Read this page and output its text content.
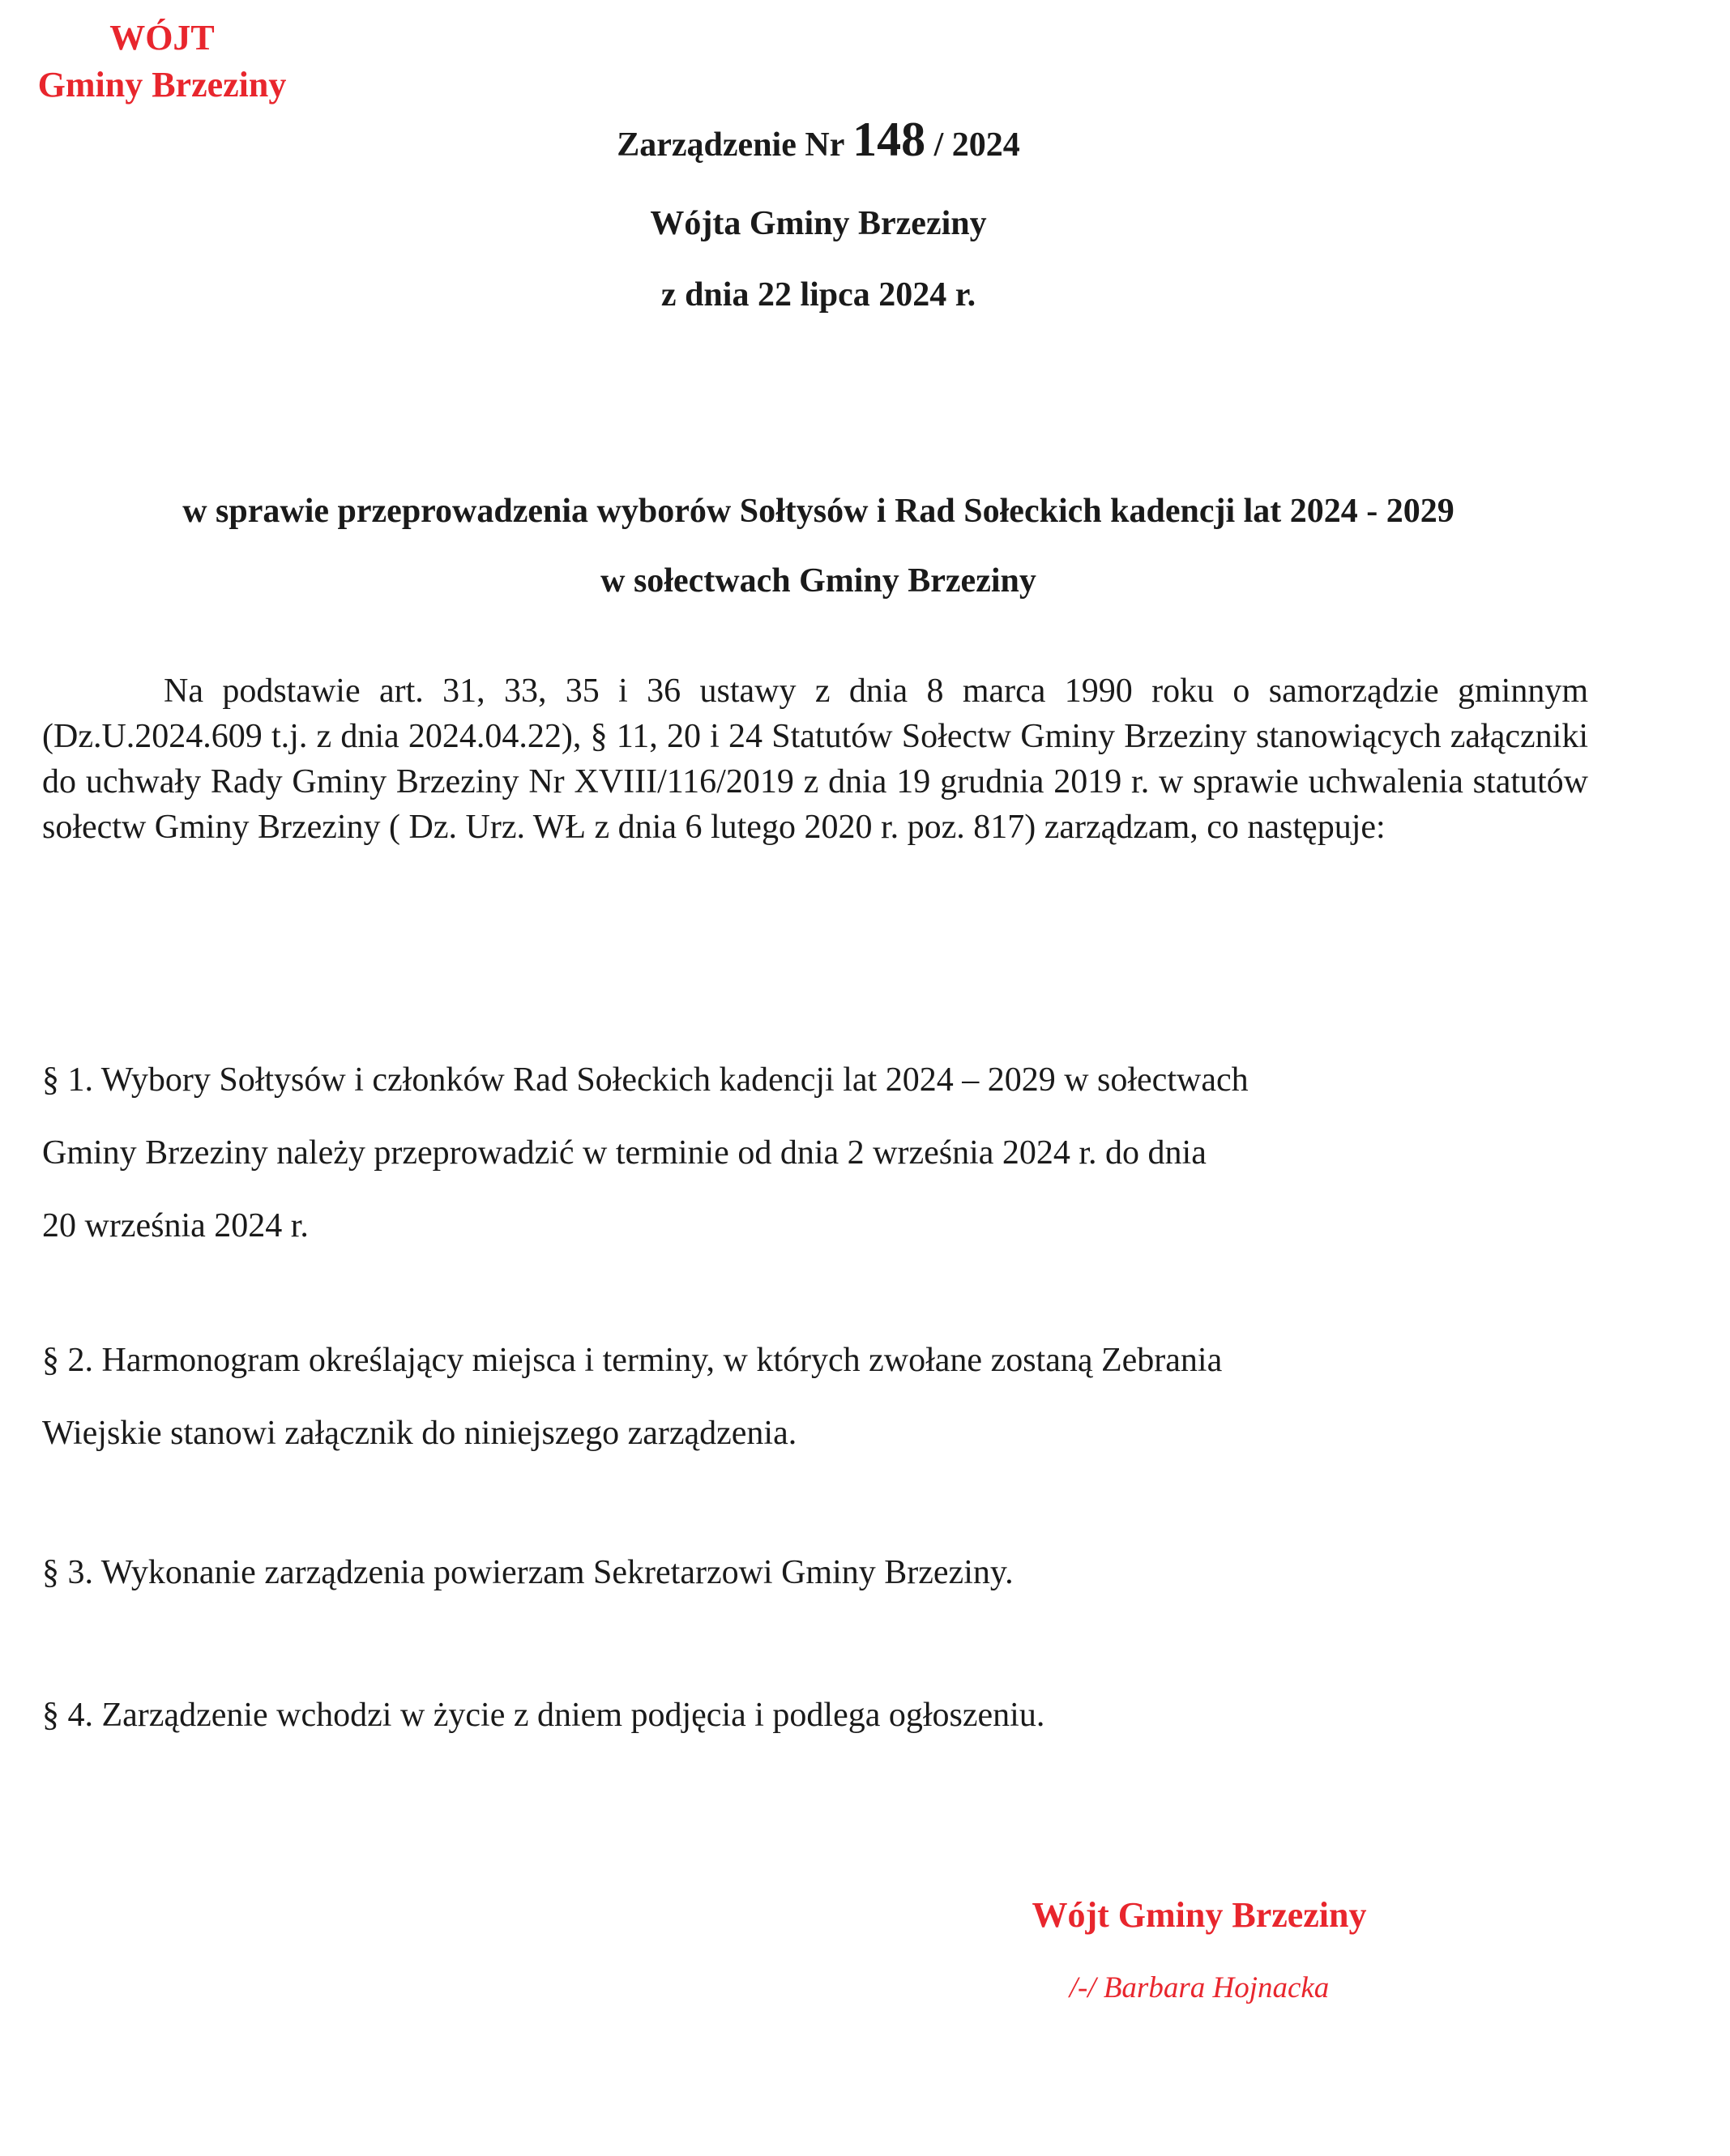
WÓJT
Gminy Brzeziny
Zarządzenie Nr 148 / 2024
Wójta Gminy Brzeziny
z dnia 22 lipca 2024 r.
w sprawie przeprowadzenia wyborów Sołtysów i Rad Sołeckich kadencji lat 2024 - 2029
w sołectwach Gminy Brzeziny
Na podstawie art. 31, 33, 35 i 36 ustawy z dnia 8 marca 1990 roku o samorządzie gminnym (Dz.U.2024.609 t.j. z dnia 2024.04.22), § 11, 20 i 24 Statutów Sołectw Gminy Brzeziny stanowiących załączniki do uchwały Rady Gminy Brzeziny Nr XVIII/116/2019 z dnia 19 grudnia 2019 r. w sprawie uchwalenia statutów sołectw Gminy Brzeziny ( Dz. Urz. WŁ z dnia 6 lutego 2020 r. poz. 817) zarządzam, co następuje:
§ 1. Wybory Sołtysów i członków Rad Sołeckich kadencji lat 2024 – 2029 w sołectwach
Gminy Brzeziny należy przeprowadzić w terminie od dnia 2 września 2024 r. do dnia
20 września 2024 r.
§ 2. Harmonogram określający miejsca i terminy, w których zwołane zostaną Zebrania
Wiejskie stanowi załącznik do niniejszego zarządzenia.
§ 3. Wykonanie zarządzenia powierzam Sekretarzowi Gminy Brzeziny.
§ 4. Zarządzenie wchodzi w życie z dniem podjęcia i podlega ogłoszeniu.
Wójt Gminy Brzeziny
/-/ Barbara Hojnacka
